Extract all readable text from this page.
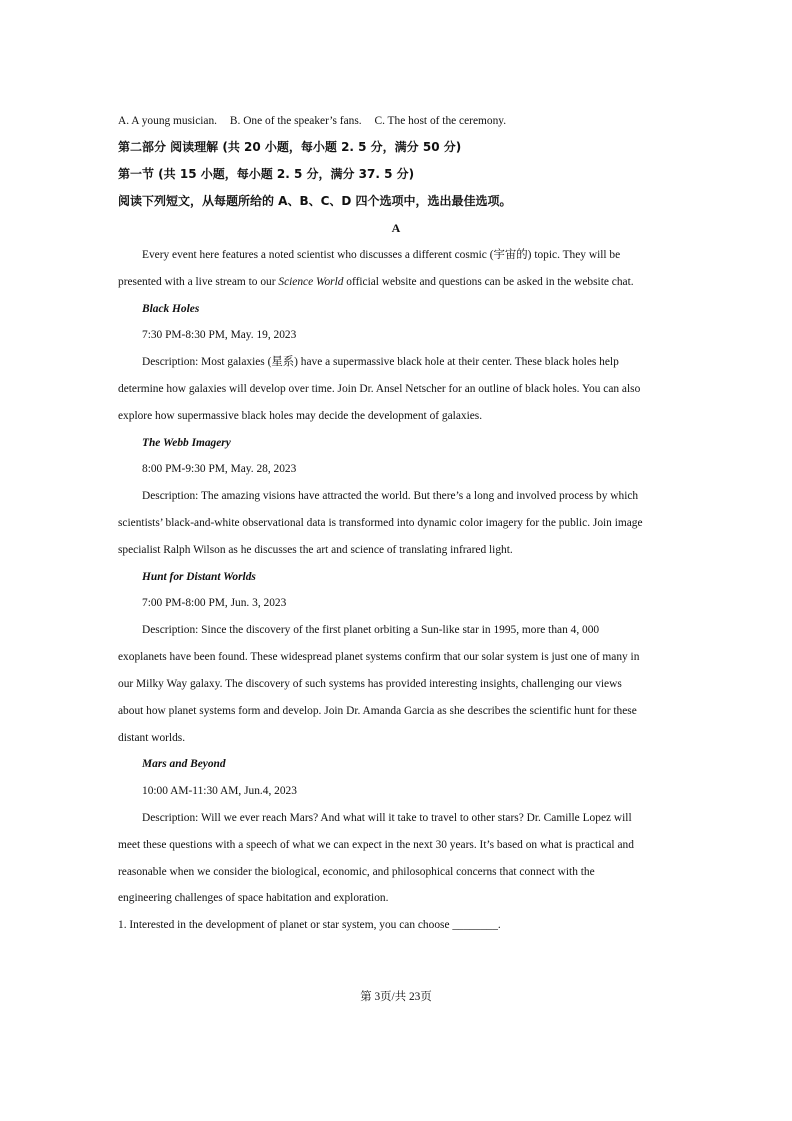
A. A young musician. B. One of the speaker’s fans. C. The host of the ceremony.
第二部分 阅读理解 (共 20 小题，每小题 2. 5 分，满分 50 分)
第一节 (共 15 小题，每小题 2. 5 分，满分 37. 5 分)
阅读下列短文，从每题所给的 A、B、C、D 四个选项中，选出最佳选项。
A
Every event here features a noted scientist who discusses a different cosmic (宇宙的) topic. They will be
presented with a live stream to our Science World official website and questions can be asked in the website chat.
Black Holes
7:30 PM-8:30 PM, May. 19, 2023
Description: Most galaxies (星系) have a supermassive black hole at their center. These black holes help
determine how galaxies will develop over time. Join Dr. Ansel Netscher for an outline of black holes. You can also
explore how supermassive black holes may decide the development of galaxies.
The Webb Imagery
8:00 PM-9:30 PM, May. 28, 2023
Description: The amazing visions have attracted the world. But there’s a long and involved process by which
scientists’ black-and-white observational data is transformed into dynamic color imagery for the public. Join image
specialist Ralph Wilson as he discusses the art and science of translating infrared light.
Hunt for Distant Worlds
7:00 PM-8:00 PM, Jun. 3, 2023
Description: Since the discovery of the first planet orbiting a Sun-like star in 1995, more than 4, 000
exoplanets have been found. These widespread planet systems confirm that our solar system is just one of many in
our Milky Way galaxy. The discovery of such systems has provided interesting insights, challenging our views
about how planet systems form and develop. Join Dr. Amanda Garcia as she describes the scientific hunt for these
distant worlds.
Mars and Beyond
10:00 AM-11:30 AM, Jun.4, 2023
Description: Will we ever reach Mars? And what will it take to travel to other stars? Dr. Camille Lopez will
meet these questions with a speech of what we can expect in the next 30 years. It’s based on what is practical and
reasonable when we consider the biological, economic, and philosophical concerns that connect with the
engineering challenges of space habitation and exploration.
1. Interested in the development of planet or star system, you can choose ________.
第 3页/共 23页
